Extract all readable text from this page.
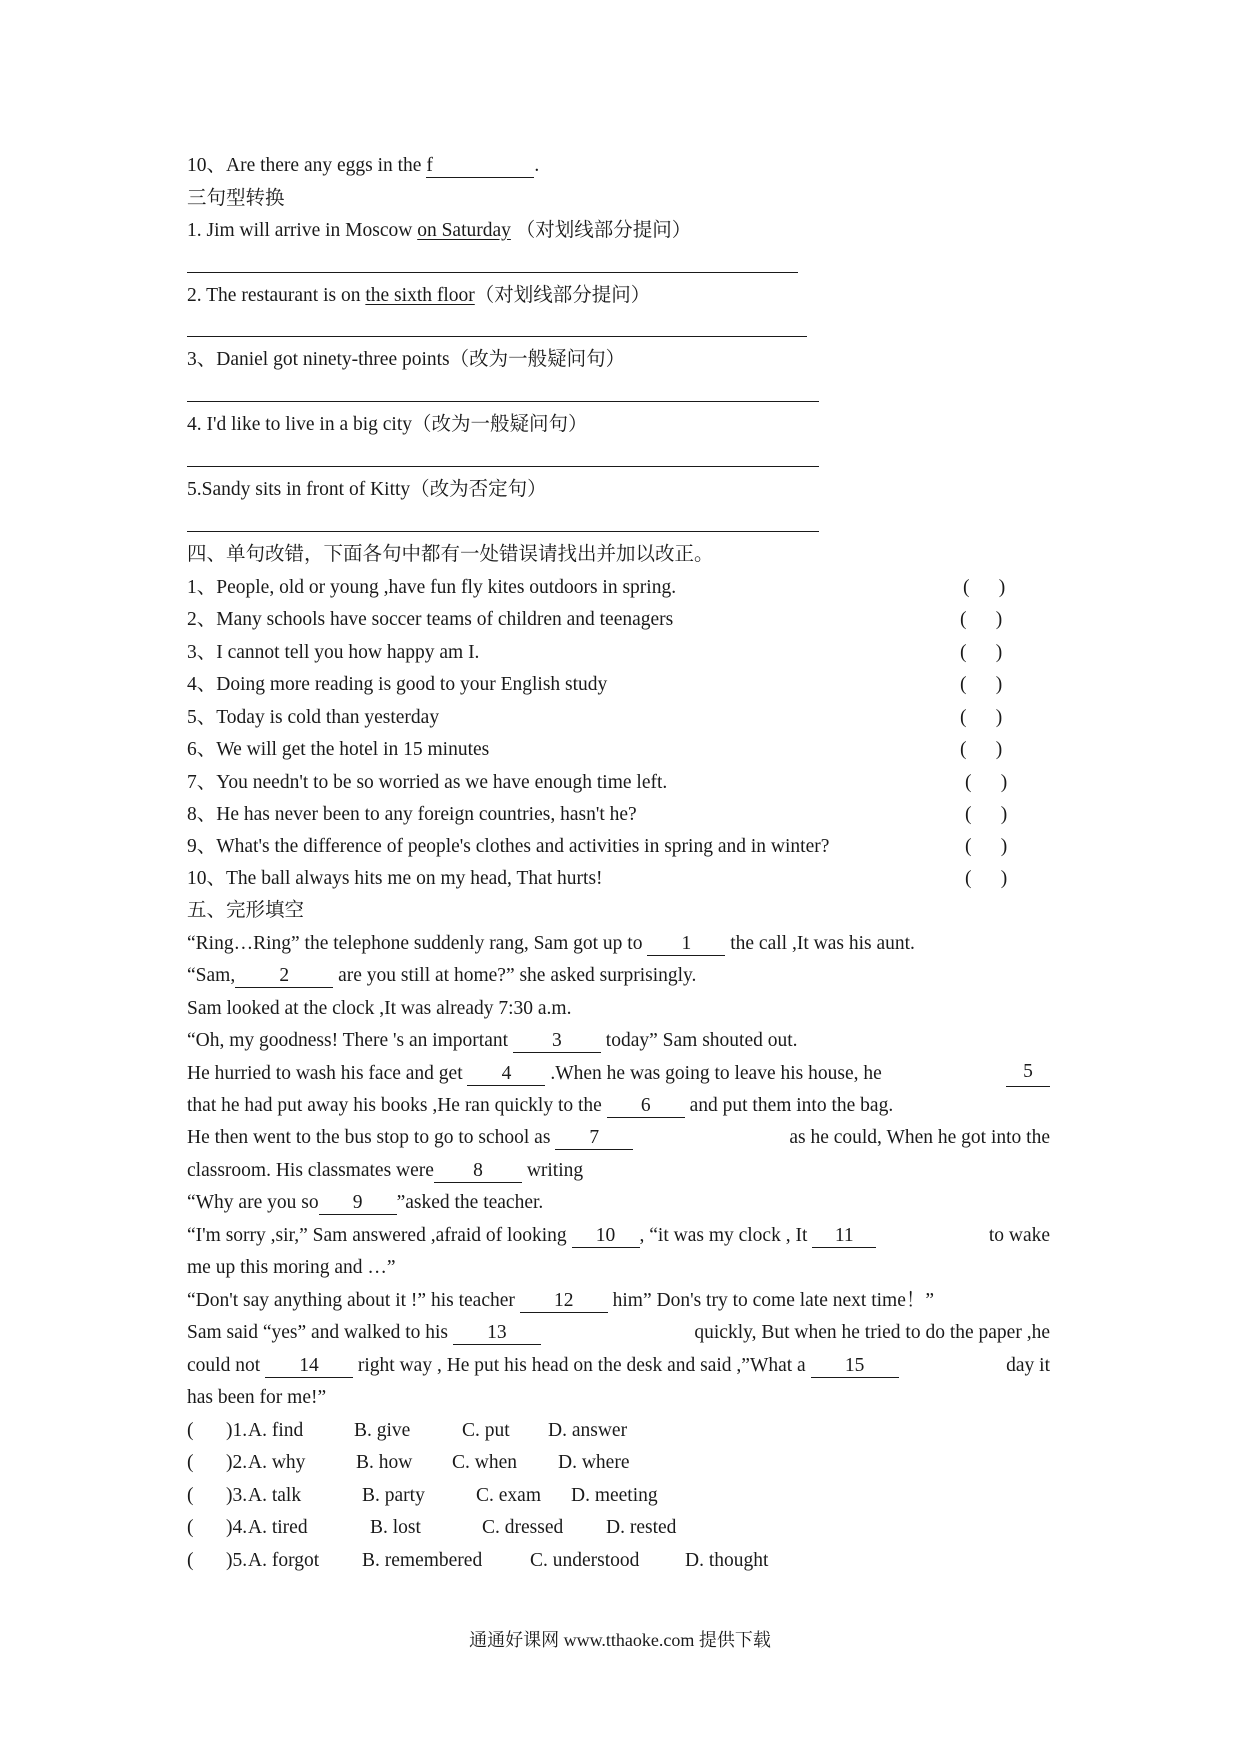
10、Are there any eggs in the f	.
三句型转换
1. Jim will arrive in Moscow on Saturday （对划线部分提问）
2. The restaurant is on the sixth floor（对划线部分提问）
3、Daniel got ninety-three points（改为一般疑问句）
4. I'd like to live in a big city（改为一般疑问句）
5.Sandy sits in front of Kitty（改为否定句）
四、单句改错，下面各句中都有一处错误请找出并加以改正。
1、People, old or young ,have fun fly kites outdoors in spring.	(      )
2、Many schools have soccer teams of children and teenagers	(      )
3、I cannot tell you how happy am I.	(      )
4、Doing more reading is good to your English study	(      )
5、Today is cold than yesterday	(      )
6、We will get the hotel in 15 minutes	(      )
7、You needn't to be so worried as we have enough time left.	(      )
8、He has never been to any foreign countries, hasn't he?	(      )
9、What's the difference of people's clothes and activities in spring and in winter?	(      )
10、The ball always hits me on my head, That hurts!	(      )
五、完形填空
“Ring…Ring” the telephone suddenly rang, Sam got up to 1 the call ,It was his aunt.
“Sam, 2 are you still at home?” she asked surprisingly.
Sam looked at the clock ,It was already 7:30 a.m.
“Oh, my goodness! There 's an important 3 today” Sam shouted out.
He hurried to wash his face and get 4 .When he was going to leave his house, he	5
that he had put away his books ,He ran quickly to the 6 and put them into the bag.
He then went to the bus stop to go to school as 7	as he could, When he got into the
classroom. His classmates were 8 writing
“Why are you so 9 ”asked the teacher.
“I'm sorry ,sir,” Sam answered ,afraid of looking 10 , “it was my clock , It 11	to wake
me up this moring and …”
“Don't say anything about it !” his teacher 12 him” Don's try to come late next time！”
Sam said “yes” and walked to his 13	quickly, But when he tried to do the paper ,he
could not 14 right way , He put his head on the desk and said ,”What a 15	day it
has been for me!”
( )1. A. find	B. give	C. put D. answer
( )2. A. why	B. how C. when D. where
( )3. A. talk	B. party	C. exam D. meeting
( )4. A. tired	B. lost	C. dressed D. rested
( )5. A. forgot B. remembered C. understood D. thought
通通好课网 www.tthaoke.com 提供下载
